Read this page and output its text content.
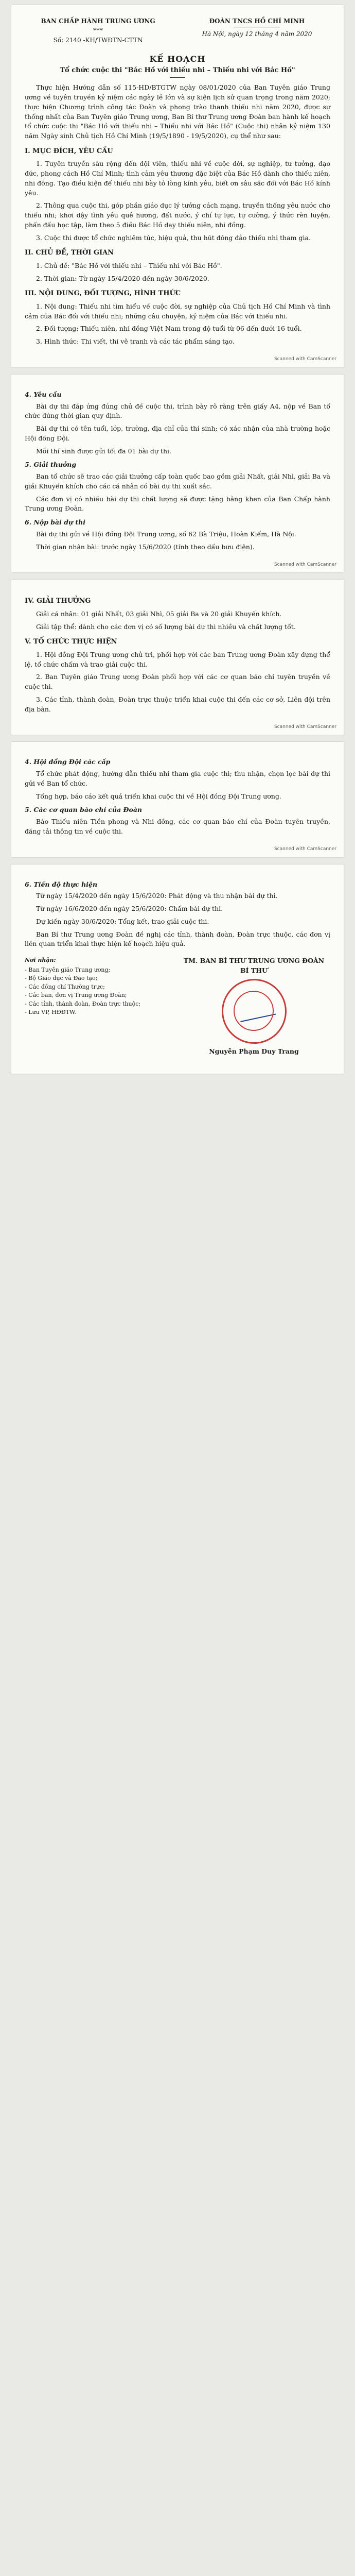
BAN CHẤP HÀNH TRUNG ƯƠNG
***
Số: 2140 -KH/TWĐTN-CTTN
ĐOÀN TNCS HỒ CHÍ MINH
Hà Nội, ngày 12 tháng 4 năm 2020
KẾ HOẠCH
Tổ chức cuộc thi "Bác Hồ với thiếu nhi – Thiếu nhi với Bác Hồ"

Thực hiện Hướng dẫn số 115-HD/BTGTW ngày 08/01/2020 của Ban Tuyên giáo Trung ương về tuyên truyền kỷ niệm các ngày lễ lớn và sự kiện lịch sử quan trọng trong năm 2020; thực hiện Chương trình công tác Đoàn và phong trào thanh thiếu nhi năm 2020, được sự thống nhất của Ban Tuyên giáo Trung ương, Ban Bí thư Trung ương Đoàn ban hành kế hoạch tổ chức cuộc thi "Bác Hồ với thiếu nhi – Thiếu nhi với Bác Hồ" (Cuộc thi) nhân kỷ niệm 130 năm Ngày sinh Chủ tịch Hồ Chí Minh (19/5/1890 - 19/5/2020), cụ thể như sau:

I. MỤC ĐÍCH, YÊU CẦU

1. Tuyên truyền sâu rộng đến đội viên, thiếu nhi về cuộc đời, sự nghiệp, tư tưởng, đạo đức, phong cách Hồ Chí Minh; tình cảm yêu thương đặc biệt của Bác Hồ dành cho thiếu niên, nhi đồng. Tạo điều kiện để thiếu nhi bày tỏ lòng kính yêu, biết ơn sâu sắc đối với Bác Hồ kính yêu.

2. Thông qua cuộc thi, góp phần giáo dục lý tưởng cách mạng, truyền thống yêu nước cho thiếu nhi; khơi dậy tình yêu quê hương, đất nước, ý chí tự lực, tự cường, ý thức rèn luyện, phấn đấu học tập, làm theo 5 điều Bác Hồ dạy thiếu niên, nhi đồng.

3. Cuộc thi được tổ chức nghiêm túc, hiệu quả, thu hút đông đảo thiếu nhi tham gia.

II. CHỦ ĐỀ, THỜI GIAN

1. Chủ đề: "Bác Hồ với thiếu nhi – Thiếu nhi với Bác Hồ".

2. Thời gian: Từ ngày 15/4/2020 đến ngày 30/6/2020.

III. NỘI DUNG, ĐỐI TƯỢNG, HÌNH THỨC

1. Nội dung: Thiếu nhi tìm hiểu về cuộc đời, sự nghiệp của Chủ tịch Hồ Chí Minh và tình cảm của Bác đối với thiếu nhi; những câu chuyện, kỷ niệm của Bác với thiếu nhi.

2. Đối tượng: Thiếu niên, nhi đồng Việt Nam trong độ tuổi từ 06 đến dưới 16 tuổi.

3. Hình thức: Thi viết, thi vẽ tranh và các tác phẩm sáng tạo.

Scanned with CamScanner
4. Yêu cầu

Bài dự thi đáp ứng đúng chủ đề cuộc thi, trình bày rõ ràng trên giấy A4, nộp về Ban tổ chức đúng thời gian quy định.

Bài dự thi có tên tuổi, lớp, trường, địa chỉ của thí sinh; có xác nhận của nhà trường hoặc Hội đồng Đội.

Mỗi thí sinh được gửi tối đa 01 bài dự thi.

5. Giải thưởng

Ban tổ chức sẽ trao các giải thưởng cấp toàn quốc bao gồm giải Nhất, giải Nhì, giải Ba và giải Khuyến khích cho các cá nhân có bài dự thi xuất sắc.

Các đơn vị có nhiều bài dự thi chất lượng sẽ được tặng bằng khen của Ban Chấp hành Trung ương Đoàn.

6. Nộp bài dự thi

Bài dự thi gửi về Hội đồng Đội Trung ương, số 62 Bà Triệu, Hoàn Kiếm, Hà Nội.

Thời gian nhận bài: trước ngày 15/6/2020 (tính theo dấu bưu điện).

Scanned with CamScanner
IV. GIẢI THƯỞNG

Giải cá nhân: 01 giải Nhất, 03 giải Nhì, 05 giải Ba và 20 giải Khuyến khích.

Giải tập thể: dành cho các đơn vị có số lượng bài dự thi nhiều và chất lượng tốt.

V. TỔ CHỨC THỰC HIỆN

1. Hội đồng Đội Trung ương chủ trì, phối hợp với các ban Trung ương Đoàn xây dựng thể lệ, tổ chức chấm và trao giải cuộc thi.

2. Ban Tuyên giáo Trung ương Đoàn phối hợp với các cơ quan báo chí tuyên truyền về cuộc thi.

3. Các tỉnh, thành đoàn, Đoàn trực thuộc triển khai cuộc thi đến các cơ sở, Liên đội trên địa bàn.

Scanned with CamScanner
4. Hội đồng Đội các cấp

Tổ chức phát động, hướng dẫn thiếu nhi tham gia cuộc thi; thu nhận, chọn lọc bài dự thi gửi về Ban tổ chức.

Tổng hợp, báo cáo kết quả triển khai cuộc thi về Hội đồng Đội Trung ương.

5. Các cơ quan báo chí của Đoàn

Báo Thiếu niên Tiền phong và Nhi đồng, các cơ quan báo chí của Đoàn tuyên truyền, đăng tải thông tin về cuộc thi.

Scanned with CamScanner
6. Tiến độ thực hiện

Từ ngày 15/4/2020 đến ngày 15/6/2020: Phát động và thu nhận bài dự thi.

Từ ngày 16/6/2020 đến ngày 25/6/2020: Chấm bài dự thi.

Dự kiến ngày 30/6/2020: Tổng kết, trao giải cuộc thi.

Ban Bí thư Trung ương Đoàn đề nghị các tỉnh, thành đoàn, Đoàn trực thuộc, các đơn vị liên quan triển khai thực hiện kế hoạch hiệu quả.

Nơi nhận:
- Ban Tuyên giáo Trung ương;
- Bộ Giáo dục và Đào tạo;
- Các đồng chí Thường trực;
- Các ban, đơn vị Trung ương Đoàn;
- Các tỉnh, thành đoàn, Đoàn trực thuộc;
- Lưu VP, HĐĐTW.
TM. BAN BÍ THƯ TRUNG ƯƠNG ĐOÀN
BÍ THƯ
Nguyễn Phạm Duy Trang
